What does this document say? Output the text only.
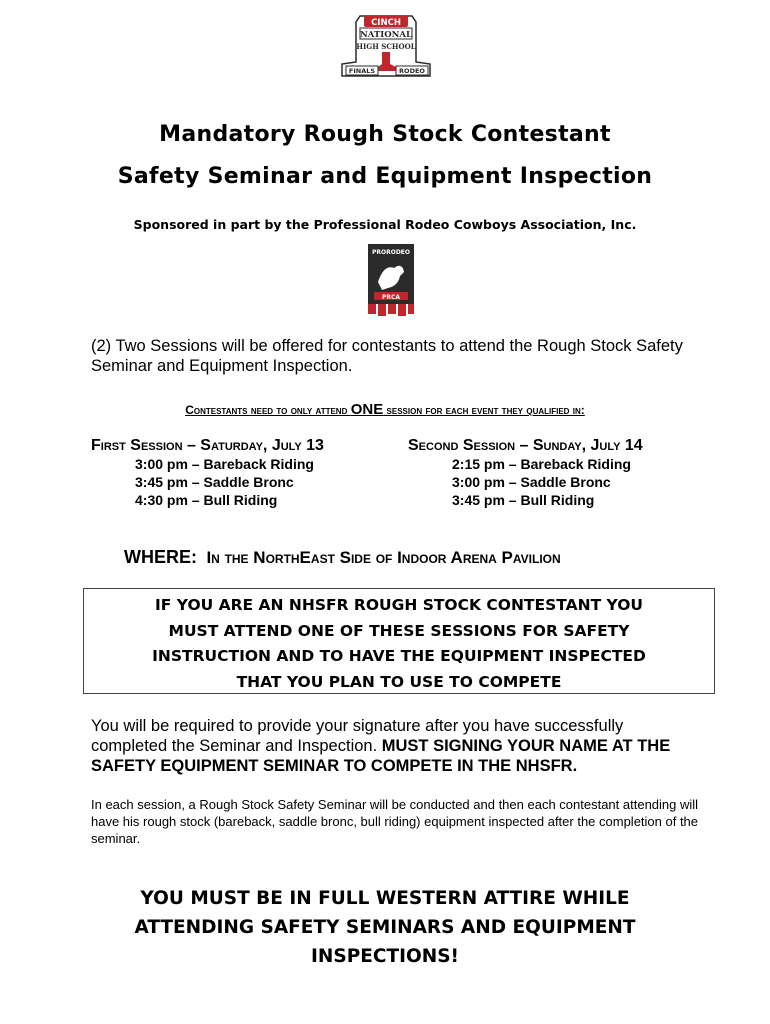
CINCH
NATIONAL
HIGH SCHOOL
FINALS	RODEO
Mandatory Rough Stock Contestant
Safety Seminar and Equipment Inspection
Sponsored in part by the Professional Rodeo Cowboys Association, Inc.
PRORODEO
PRCA
(2) Two Sessions will be offered for contestants to attend the Rough Stock Safety Seminar and Equipment Inspection.
Contestants need to only attend ONE session for each event they qualified in:
First Session – Saturday, July 13
3:00 pm – Bareback Riding
3:45 pm – Saddle Bronc
4:30 pm – Bull Riding
Second Session – Sunday, July 14
2:15 pm – Bareback Riding
3:00 pm – Saddle Bronc
3:45 pm – Bull Riding
WHERE: In the NorthEast Side of Indoor Arena Pavilion
IF YOU ARE AN NHSFR ROUGH STOCK CONTESTANT YOU
MUST ATTEND ONE OF THESE SESSIONS FOR SAFETY
INSTRUCTION AND TO HAVE THE EQUIPMENT INSPECTED
THAT YOU PLAN TO USE TO COMPETE
You will be required to provide your signature after you have successfully completed the Seminar and Inspection. MUST SIGNING YOUR NAME AT THE SAFETY EQUIPMENT SEMINAR TO COMPETE IN THE NHSFR.
In each session, a Rough Stock Safety Seminar will be conducted and then each contestant attending will have his rough stock (bareback, saddle bronc, bull riding) equipment inspected after the completion of the seminar.
YOU MUST BE IN FULL WESTERN ATTIRE WHILE
ATTENDING SAFETY SEMINARS AND EQUIPMENT
INSPECTIONS!
